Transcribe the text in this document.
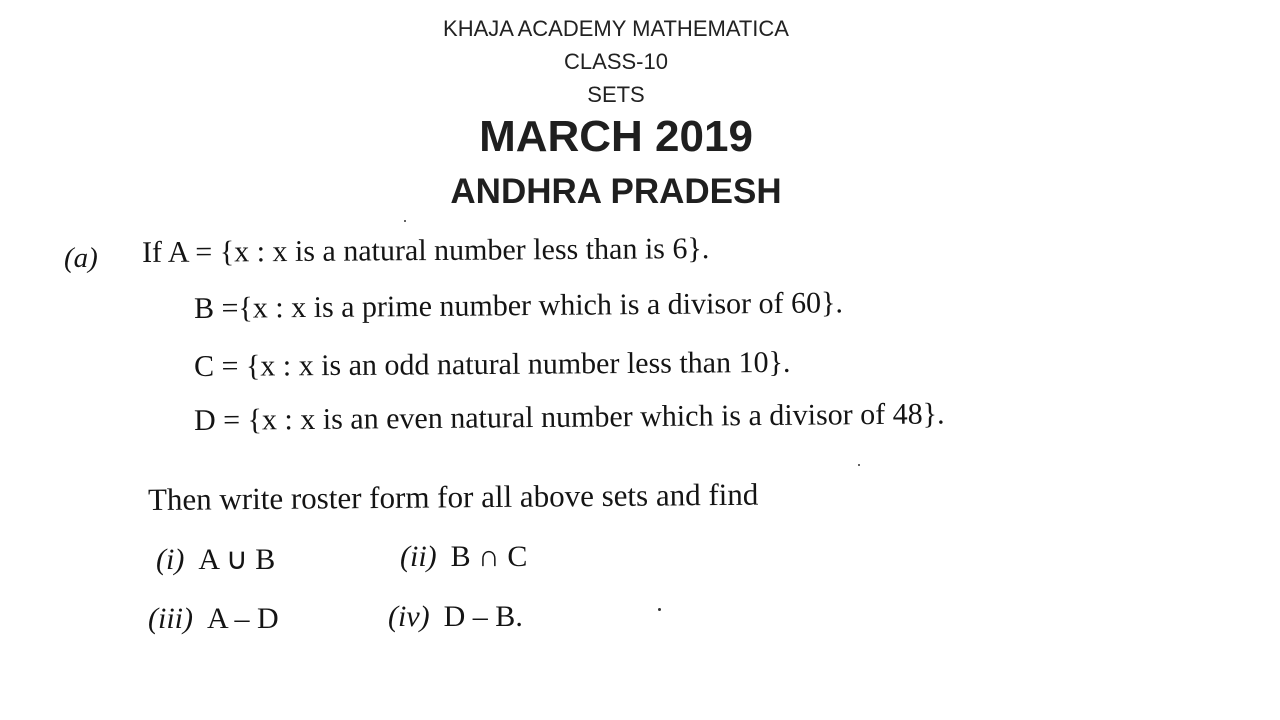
KHAJA ACADEMY MATHEMATICA
CLASS-10
SETS
MARCH 2019
ANDHRA PRADESH
(a) If A = {x : x is a natural number less than is 6}.
B ={x : x is a prime number which is a divisor of 60}.
C = {x : x is an odd natural number less than 10}.
D = {x : x is an even natural number which is a divisor of 48}.
Then write roster form for all above sets and find
(i) A ∪ B	(ii) B ∩ C
(iii) A – D	(iv) D – B.
